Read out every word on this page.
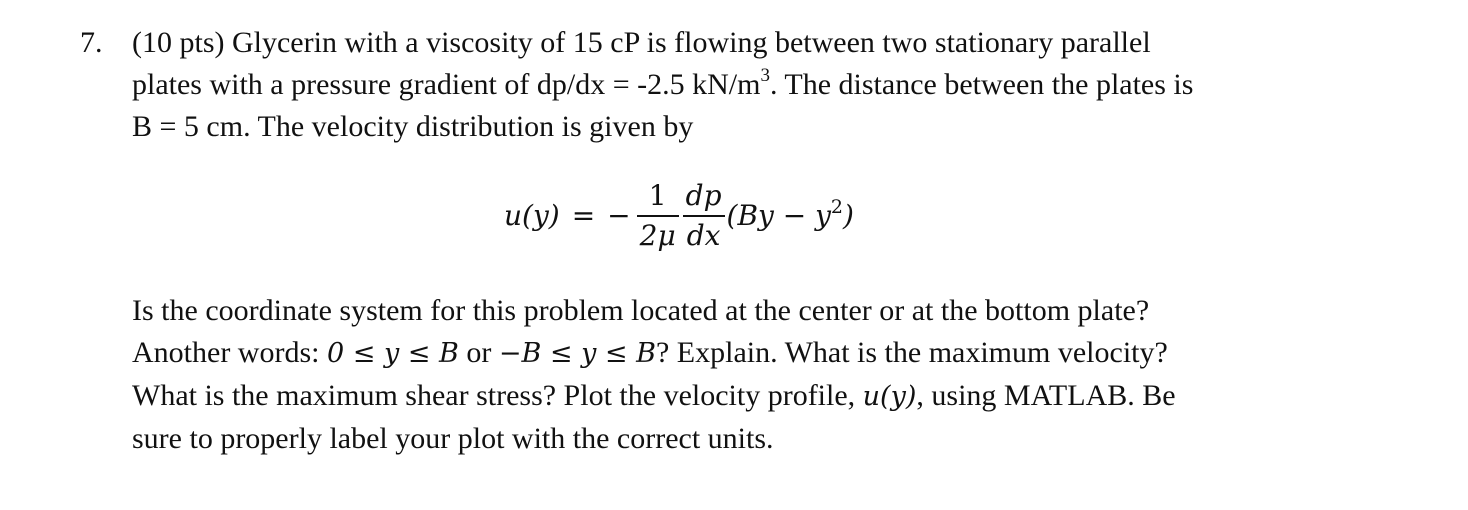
7. (10 pts) Glycerin with a viscosity of 15 cP is flowing between two stationary parallel
plates with a pressure gradient of dp/dx = -2.5 $kN/m^3$. The distance between the plates is
B = 5 cm. The velocity distribution is given by
u(y) = − $\frac{1}{2\mu} \frac{dp}{dx} (By - y^2)$
Is the coordinate system for this problem located at the center or at the bottom plate?
Another words: 0 ≤ y ≤ B or −B ≤ y ≤ B? Explain. What is the maximum velocity?
What is the maximum shear stress? Plot the velocity profile, u(y), using MATLAB. Be
sure to properly label your plot with the correct units.
